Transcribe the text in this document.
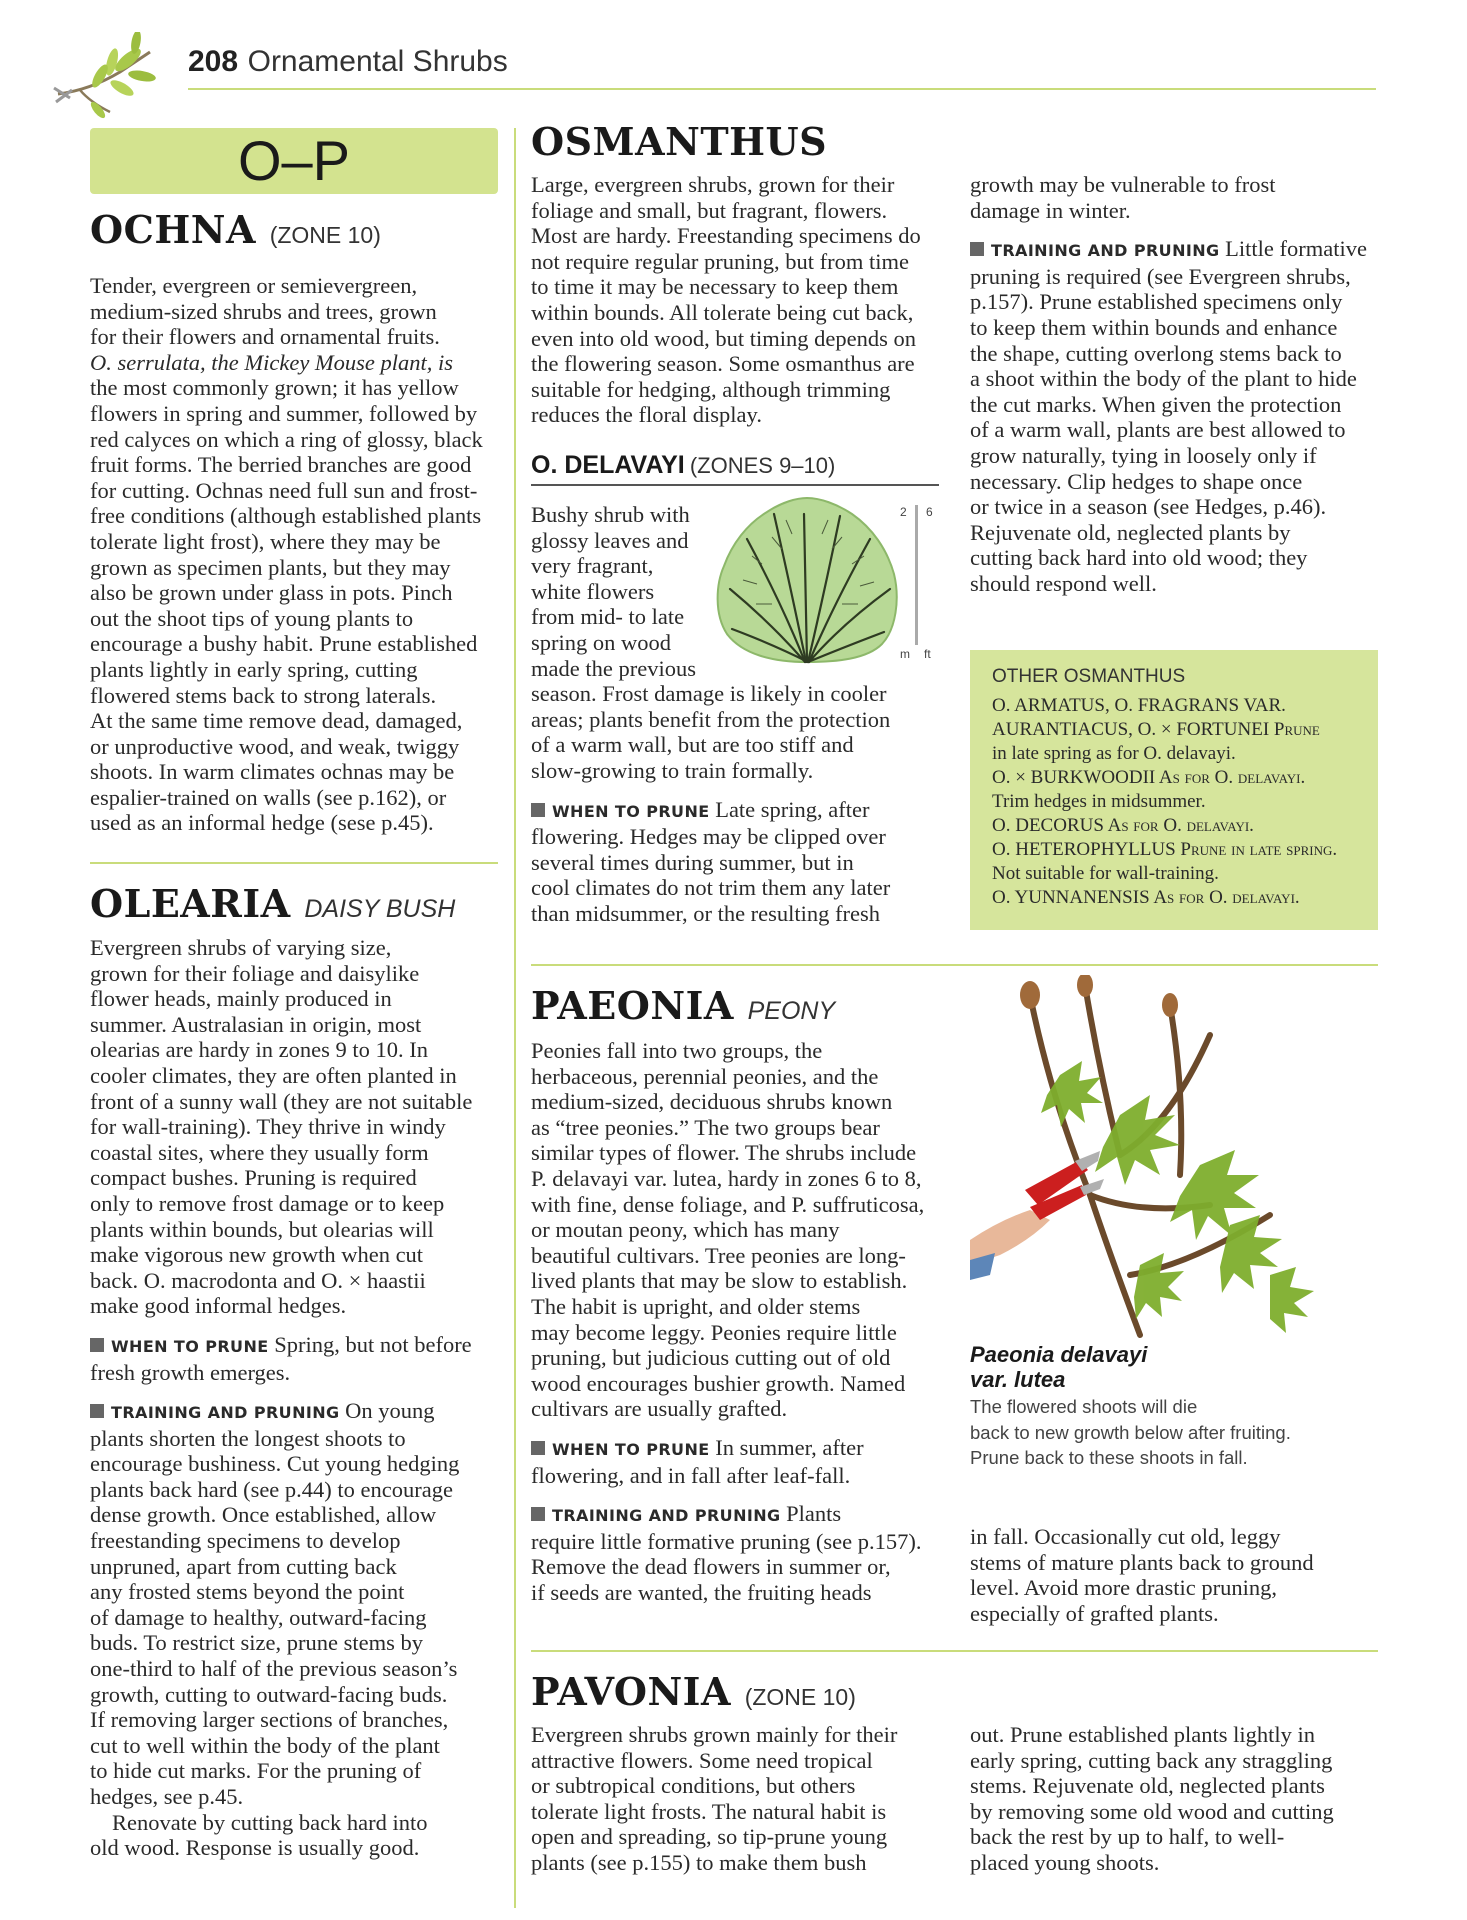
208 Ornamental Shrubs
O–P
OCHNA (ZONE 10)

Tender, evergreen or semievergreen,

medium-sized shrubs and trees, grown

for their flowers and ornamental fruits.

O. serrulata, the Mickey Mouse plant, is

the most commonly grown; it has yellow

flowers in spring and summer, followed by

red calyces on which a ring of glossy, black

fruit forms. The berried branches are good

for cutting. Ochnas need full sun and frost-

free conditions (although established plants

tolerate light frost), where they may be

grown as specimen plants, but they may

also be grown under glass in pots. Pinch

out the shoot tips of young plants to

encourage a bushy habit. Prune established

plants lightly in early spring, cutting

flowered stems back to strong laterals.

At the same time remove dead, damaged,

or unproductive wood, and weak, twiggy

shoots. In warm climates ochnas may be

espalier-trained on walls (see p.162), or

used as an informal hedge (sese p.45).

OLEARIA DAISY BUSH

Evergreen shrubs of varying size,

grown for their foliage and daisylike

flower heads, mainly produced in

summer. Australasian in origin, most

olearias are hardy in zones 9 to 10. In

cooler climates, they are often planted in

front of a sunny wall (they are not suitable

for wall-training). They thrive in windy

coastal sites, where they usually form

compact bushes. Pruning is required

only to remove frost damage or to keep

plants within bounds, but olearias will

make vigorous new growth when cut

back. O. macrodonta and O. × haastii

make good informal hedges.

WHEN TO PRUNE Spring, but not before

fresh growth emerges.

TRAINING AND PRUNING On young

plants shorten the longest shoots to

encourage bushiness. Cut young hedging

plants back hard (see p.44) to encourage

dense growth. Once established, allow

freestanding specimens to develop

unpruned, apart from cutting back

any frosted stems beyond the point

of damage to healthy, outward-facing

buds. To restrict size, prune stems by

one-third to half of the previous season’s

growth, cutting to outward-facing buds.

If removing larger sections of branches,

cut to well within the body of the plant

to hide cut marks. For the pruning of

hedges, see p.45.

Renovate by cutting back hard into

old wood. Response is usually good.

OSMANTHUS

Large, evergreen shrubs, grown for their

foliage and small, but fragrant, flowers.

Most are hardy. Freestanding specimens do

not require regular pruning, but from time

to time it may be necessary to keep them

within bounds. All tolerate being cut back,

even into old wood, but timing depends on

the flowering season. Some osmanthus are

suitable for hedging, although trimming

reduces the floral display.

O. DELAVAYI (ZONES 9–10)

Bushy shrub with

glossy leaves and

very fragrant,

white flowers

from mid- to late

spring on wood

made the previous

season. Frost damage is likely in cooler

areas; plants benefit from the protection

of a warm wall, but are too stiff and

slow-growing to train formally.

WHEN TO PRUNE Late spring, after

flowering. Hedges may be clipped over

several times during summer, but in

cool climates do not trim them any later

than midsummer, or the resulting fresh

2 6
m ft

growth may be vulnerable to frost

damage in winter.

TRAINING AND PRUNING Little formative

pruning is required (see Evergreen shrubs,

p.157). Prune established specimens only

to keep them within bounds and enhance

the shape, cutting overlong stems back to

a shoot within the body of the plant to hide

the cut marks. When given the protection

of a warm wall, plants are best allowed to

grow naturally, tying in loosely only if

necessary. Clip hedges to shape once

or twice in a season (see Hedges, p.46).

Rejuvenate old, neglected plants by

cutting back hard into old wood; they

should respond well.

OTHER OSMANTHUS

O. ARMATUS, O. FRAGRANS VAR.

AURANTIACUS, O. × FORTUNEI Prune

in late spring as for O. delavayi.

O. × BURKWOODII As for O. delavayi.

Trim hedges in midsummer.

O. DECORUS As for O. delavayi.

O. HETEROPHYLLUS Prune in late spring.

Not suitable for wall-training.

O. YUNNANENSIS As for O. delavayi.

PAEONIA PEONY

Peonies fall into two groups, the

herbaceous, perennial peonies, and the

medium-sized, deciduous shrubs known

as “tree peonies.” The two groups bear

similar types of flower. The shrubs include

P. delavayi var. lutea, hardy in zones 6 to 8,

with fine, dense foliage, and P. suffruticosa,

or moutan peony, which has many

beautiful cultivars. Tree peonies are long-

lived plants that may be slow to establish.

The habit is upright, and older stems

may become leggy. Peonies require little

pruning, but judicious cutting out of old

wood encourages bushier growth. Named

cultivars are usually grafted.

WHEN TO PRUNE In summer, after

flowering, and in fall after leaf-fall.

TRAINING AND PRUNING Plants

require little formative pruning (see p.157).

Remove the dead flowers in summer or,

if seeds are wanted, the fruiting heads

Paeonia delavayi
var. lutea
The flowered shoots will die
back to new growth below after fruiting.
Prune back to these shoots in fall.

in fall. Occasionally cut old, leggy

stems of mature plants back to ground

level. Avoid more drastic pruning,

especially of grafted plants.

PAVONIA (ZONE 10)

Evergreen shrubs grown mainly for their

attractive flowers. Some need tropical

or subtropical conditions, but others

tolerate light frosts. The natural habit is

open and spreading, so tip-prune young

plants (see p.155) to make them bush

out. Prune established plants lightly in

early spring, cutting back any straggling

stems. Rejuvenate old, neglected plants

by removing some old wood and cutting

back the rest by up to half, to well-

placed young shoots.
